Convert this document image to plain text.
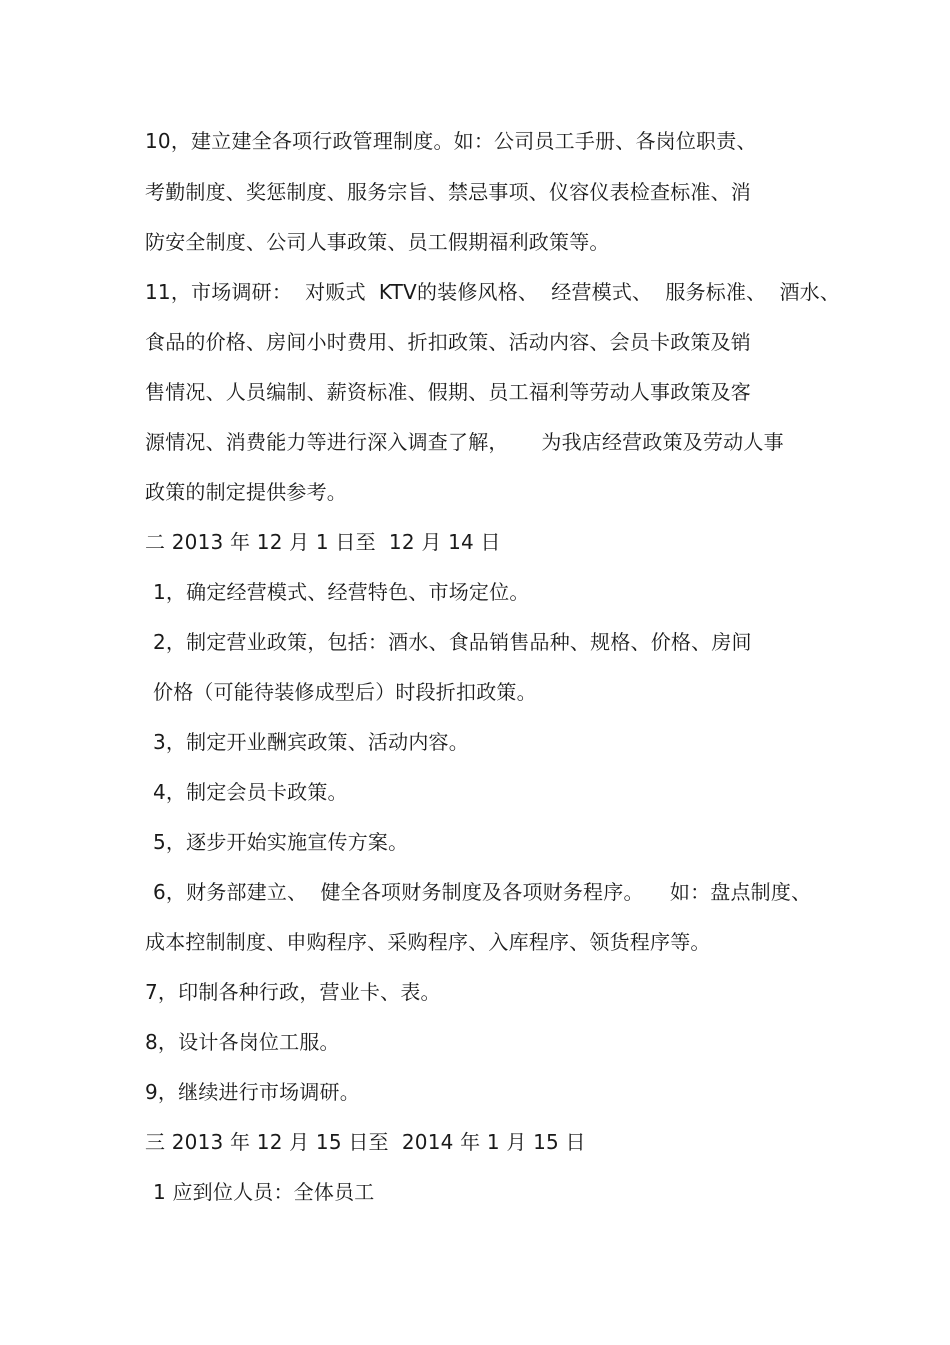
10，建立建全各项行政管理制度。如：公司员工手册、各岗位职责、
考勤制度、奖惩制度、服务宗旨、禁忌事项、仪容仪表检查标准、消
防安全制度、公司人事政策、员工假期福利政策等。
11，市场调研：  对贩式  KTV的装修风格、  经营模式、  服务标准、  酒水、
食品的价格、房间小时费用、折扣政策、活动内容、会员卡政策及销
售情况、人员编制、薪资标准、假期、员工福利等劳动人事政策及客
源情况、消费能力等进行深入调查了解，     为我店经营政策及劳动人事
政策的制定提供参考。
二 2013 年 12 月 1 日至  12 月 14 日
1，确定经营模式、经营特色、市场定位。
2，制定营业政策，包括：酒水、食品销售品种、规格、价格、房间
价格（可能待装修成型后）时段折扣政策。
3，制定开业酬宾政策、活动内容。
4，制定会员卡政策。
5，逐步开始实施宣传方案。
6，财务部建立、  健全各项财务制度及各项财务程序。    如：盘点制度、
成本控制制度、申购程序、采购程序、入库程序、领货程序等。
7，印制各种行政，营业卡、表。
8，设计各岗位工服。
9，继续进行市场调研。
三 2013 年 12 月 15 日至  2014 年 1 月 15 日
1 应到位人员：全体员工
